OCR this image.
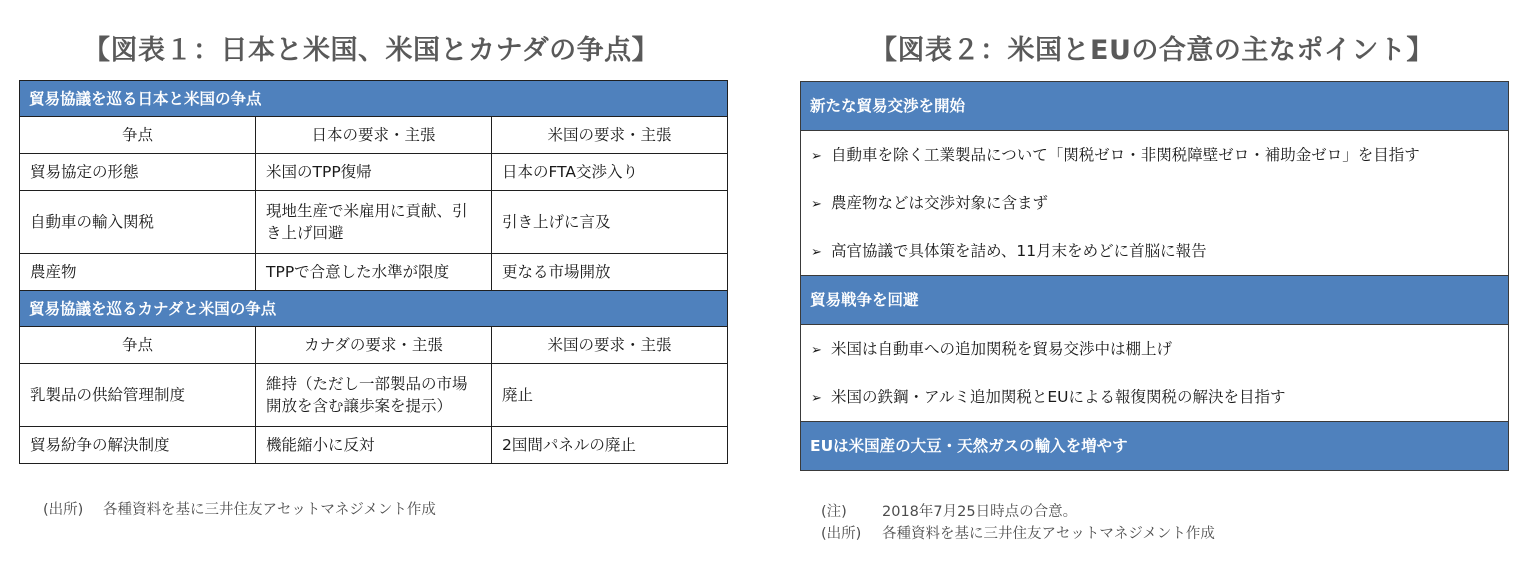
【図表１：日本と米国、米国とカナダの争点】
貿易協議を巡る日本と米国の争点		
争点	日本の要求・主張	米国の要求・主張
貿易協定の形態	米国のTPP復帰	日本のFTA交渉入り
自動車の輸入関税	現地生産で米雇用に貢献、引き上げ回避	引き上げに言及
農産物	TPPで合意した水準が限度	更なる市場開放
貿易協議を巡るカナダと米国の争点		
争点	カナダの要求・主張	米国の要求・主張
乳製品の供給管理制度	維持（ただし一部製品の市場開放を含む譲歩案を提示）	廃止
貿易紛争の解決制度	機能縮小に反対	2国間パネルの廃止
(出所) 各種資料を基に三井住友アセットマネジメント作成
【図表２：米国とEUの合意の主なポイント】
新たな貿易交渉を開始
➢ 自動車を除く工業製品について「関税ゼロ・非関税障壁ゼロ・補助金ゼロ」を目指す
➢ 農産物などは交渉対象に含まず
➢ 高官協議で具体策を詰め、11月末をめどに首脳に報告
貿易戦争を回避
➢ 米国は自動車への追加関税を貿易交渉中は棚上げ
➢ 米国の鉄鋼・アルミ追加関税とEUによる報復関税の解決を目指す
EUは米国産の大豆・天然ガスの輸入を増やす
(注) 2018年7月25日時点の合意。
(出所) 各種資料を基に三井住友アセットマネジメント作成
